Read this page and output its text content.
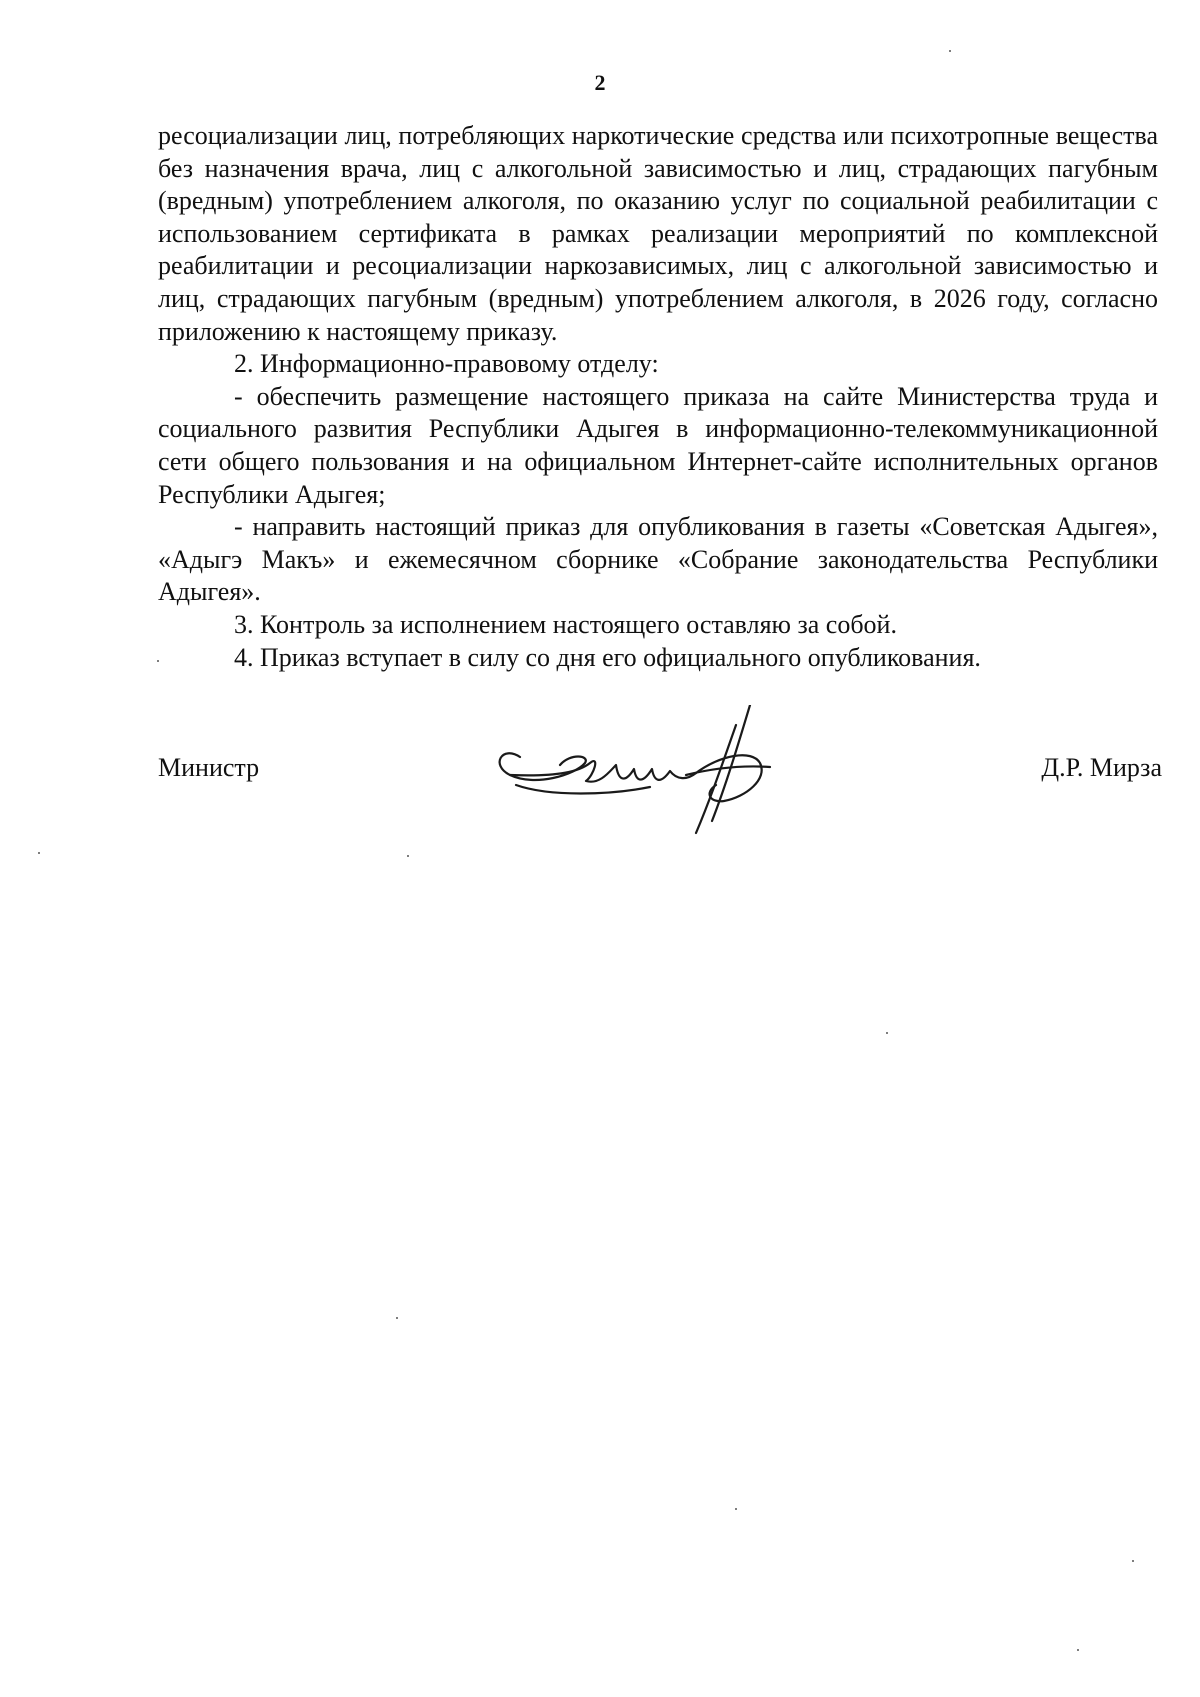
2

ресоциализации лиц, потребляющих наркотические средства или психотропные вещества без назначения врача, лиц с алкогольной зависимостью и лиц, страдающих пагубным (вредным) употреблением алкоголя, по оказанию услуг по социальной реабилитации с использованием сертификата в рамках реализации мероприятий по комплексной реабилитации и ресоциализации наркозависимых, лиц с алкогольной зависимостью и лиц, страдающих пагубным (вредным) употреблением алкоголя, в 2026 году, согласно приложению к настоящему приказу.

2. Информационно-правовому отделу:

- обеспечить размещение настоящего приказа на сайте Министерства труда и социального развития Республики Адыгея в информационно-телекоммуникационной сети общего пользования и на официальном Интернет-сайте исполнительных органов Республики Адыгея;

- направить настоящий приказ для опубликования в газеты «Советская Адыгея», «Адыгэ Макъ» и ежемесячном сборнике «Собрание законодательства Республики Адыгея».

3. Контроль за исполнением настоящего оставляю за собой.

4. Приказ вступает в силу со дня его официального опубликования.

Министр	Д.Р. Мирза
